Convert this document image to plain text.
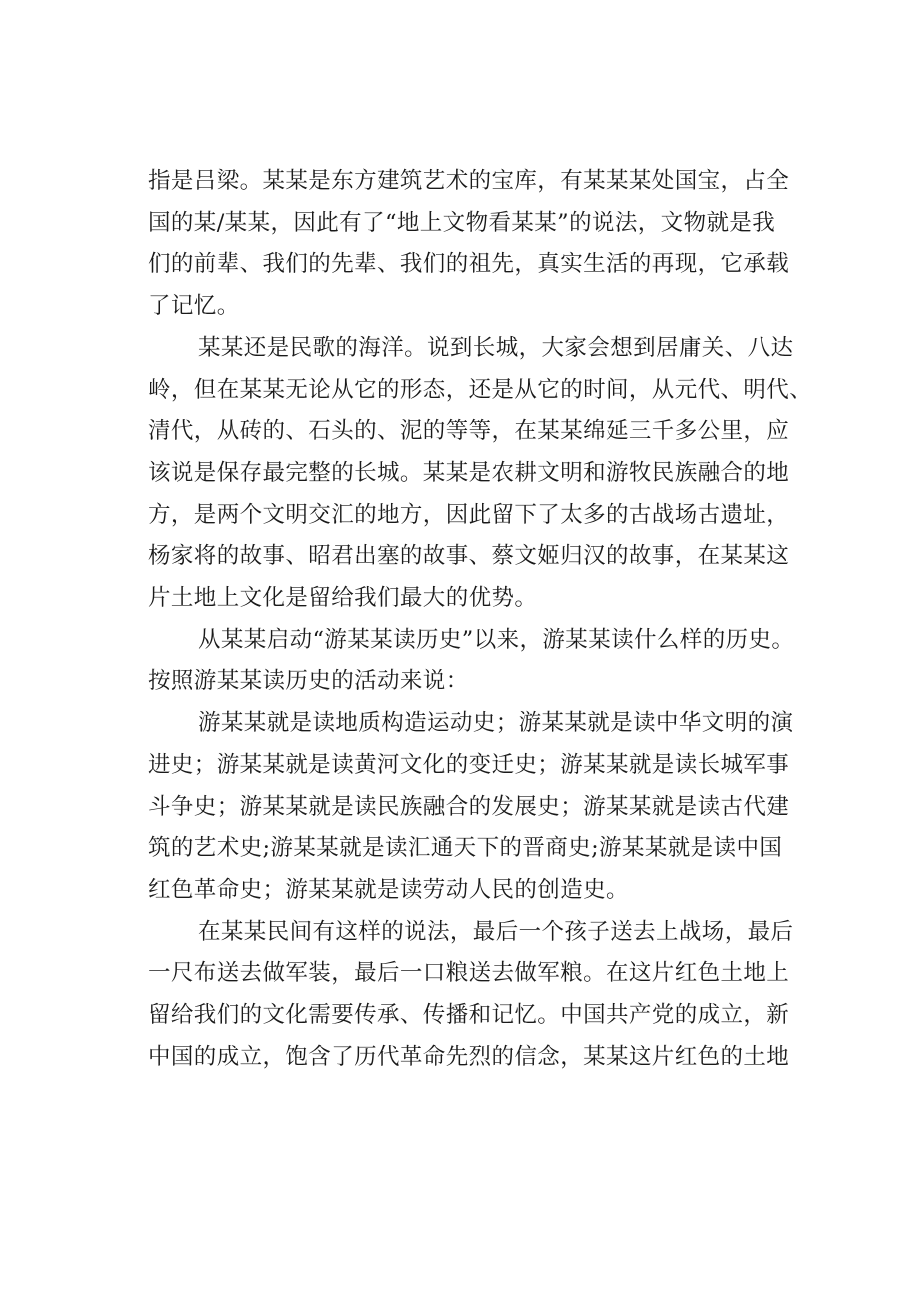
指是吕梁。某某是东方建筑艺术的宝库，有某某某处国宝，占全
国的某/某某，因此有了“地上文物看某某”的说法，文物就是我
们的前辈、我们的先辈、我们的祖先，真实生活的再现，它承载
了记忆。

某某还是民歌的海洋。说到长城，大家会想到居庸关、八达
岭，但在某某无论从它的形态，还是从它的时间，从元代、明代、
清代，从砖的、石头的、泥的等等，在某某绵延三千多公里，应
该说是保存最完整的长城。某某是农耕文明和游牧民族融合的地
方，是两个文明交汇的地方，因此留下了太多的古战场古遗址，
杨家将的故事、昭君出塞的故事、蔡文姬归汉的故事，在某某这
片土地上文化是留给我们最大的优势。

从某某启动“游某某读历史”以来，游某某读什么样的历史。
按照游某某读历史的活动来说：

游某某就是读地质构造运动史；游某某就是读中华文明的演
进史；游某某就是读黄河文化的变迁史；游某某就是读长城军事
斗争史；游某某就是读民族融合的发展史；游某某就是读古代建
筑的艺术史;游某某就是读汇通天下的晋商史;游某某就是读中国
红色革命史；游某某就是读劳动人民的创造史。

在某某民间有这样的说法，最后一个孩子送去上战场，最后
一尺布送去做军装，最后一口粮送去做军粮。在这片红色土地上
留给我们的文化需要传承、传播和记忆。中国共产党的成立，新
中国的成立，饱含了历代革命先烈的信念，某某这片红色的土地
